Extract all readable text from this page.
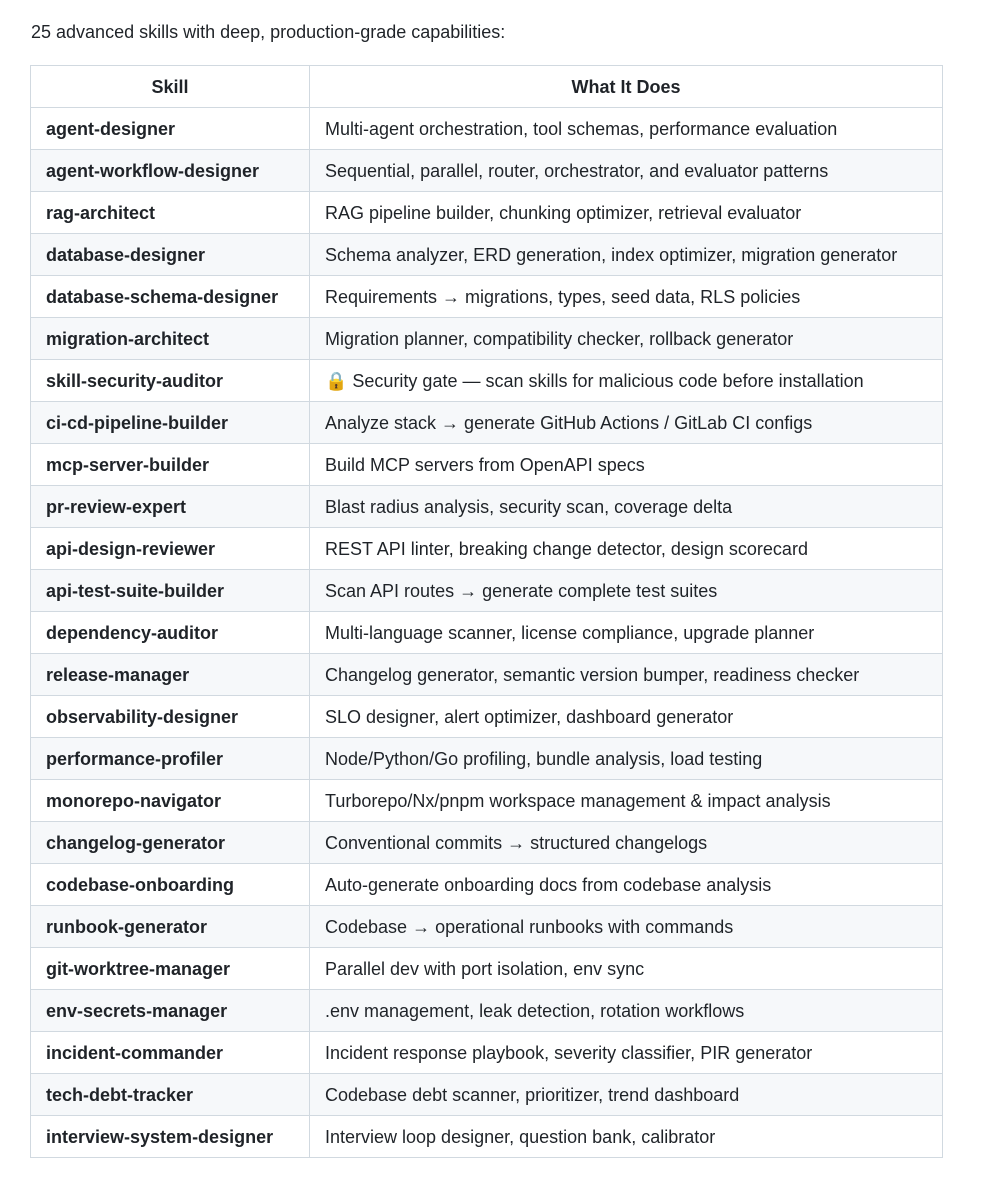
25 advanced skills with deep, production-grade capabilities:

Skill	What It Does
agent-designer	Multi-agent orchestration, tool schemas, performance evaluation
agent-workflow-designer	Sequential, parallel, router, orchestrator, and evaluator patterns
rag-architect	RAG pipeline builder, chunking optimizer, retrieval evaluator
database-designer	Schema analyzer, ERD generation, index optimizer, migration generator
database-schema-designer	Requirements → migrations, types, seed data, RLS policies
migration-architect	Migration planner, compatibility checker, rollback generator
skill-security-auditor	🔒 Security gate — scan skills for malicious code before installation
ci-cd-pipeline-builder	Analyze stack → generate GitHub Actions / GitLab CI configs
mcp-server-builder	Build MCP servers from OpenAPI specs
pr-review-expert	Blast radius analysis, security scan, coverage delta
api-design-reviewer	REST API linter, breaking change detector, design scorecard
api-test-suite-builder	Scan API routes → generate complete test suites
dependency-auditor	Multi-language scanner, license compliance, upgrade planner
release-manager	Changelog generator, semantic version bumper, readiness checker
observability-designer	SLO designer, alert optimizer, dashboard generator
performance-profiler	Node/Python/Go profiling, bundle analysis, load testing
monorepo-navigator	Turborepo/Nx/pnpm workspace management & impact analysis
changelog-generator	Conventional commits → structured changelogs
codebase-onboarding	Auto-generate onboarding docs from codebase analysis
runbook-generator	Codebase → operational runbooks with commands
git-worktree-manager	Parallel dev with port isolation, env sync
env-secrets-manager	.env management, leak detection, rotation workflows
incident-commander	Incident response playbook, severity classifier, PIR generator
tech-debt-tracker	Codebase debt scanner, prioritizer, trend dashboard
interview-system-designer	Interview loop designer, question bank, calibrator
